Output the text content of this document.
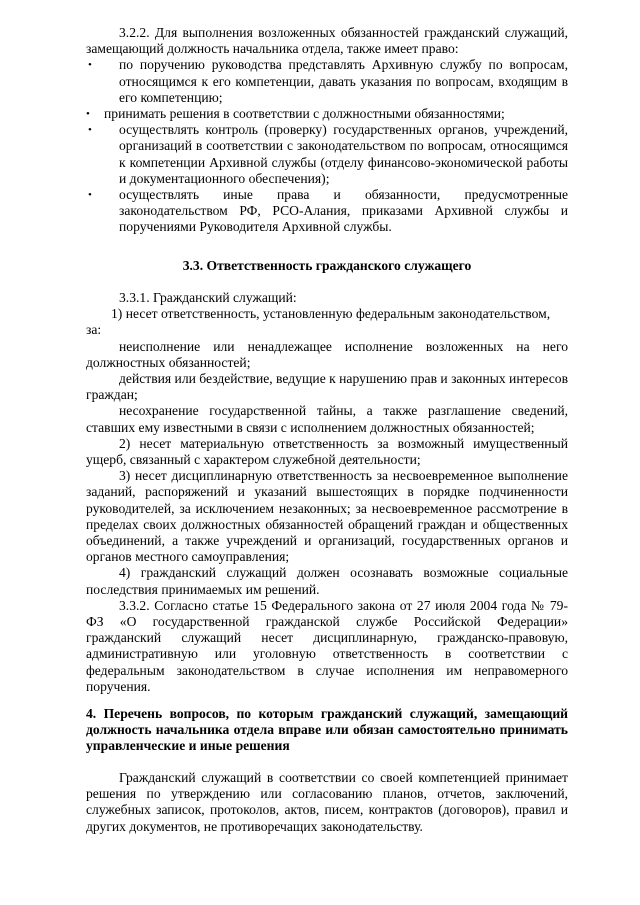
3.2.2. Для выполнения возложенных обязанностей гражданский служащий, замещающий должность начальника отдела, также имеет право:

• по поручению руководства представлять Архивную службу по вопросам, относящимся к его компетенции, давать указания по вопросам, входящим в его компетенцию;

• принимать решения в соответствии с должностными обязанностями;

• осуществлять контроль (проверку) государственных органов, учреждений, организаций в соответствии с законодательством по вопросам, относящимся к компетенции Архивной службы (отделу финансово-экономической работы и документационного обеспечения);

• осуществлять иные права и обязанности, предусмотренные законодательством РФ, РСО-Алания, приказами Архивной службы и поручениями Руководителя Архивной службы.

3.3. Ответственность гражданского служащего

3.3.1. Гражданский служащий:

1) несет ответственность, установленную федеральным законодательством,

за:

неисполнение или ненадлежащее исполнение возложенных на него должностных обязанностей;

действия или бездействие, ведущие к нарушению прав и законных интересов граждан;

несохранение государственной тайны, а также разглашение сведений, ставших ему известными в связи с исполнением должностных обязанностей;

2) несет материальную ответственность за возможный имущественный ущерб, связанный с характером служебной деятельности;

3) несет дисциплинарную ответственность за несвоевременное выполнение заданий, распоряжений и указаний вышестоящих в порядке подчиненности руководителей, за исключением незаконных; за несвоевременное рассмотрение в пределах своих должностных обязанностей обращений граждан и общественных объединений, а также учреждений и организаций, государственных органов и органов местного самоуправления;

4) гражданский служащий должен осознавать возможные социальные последствия принимаемых им решений.

3.3.2. Согласно статье 15 Федерального закона от 27 июля 2004 года № 79-ФЗ «О государственной гражданской службе Российской Федерации» гражданский служащий несет дисциплинарную, гражданско-правовую, административную или уголовную ответственность в соответствии с федеральным законодательством в случае исполнения им неправомерного поручения.

4. Перечень вопросов, по которым гражданский служащий, замещающий должность начальника отдела вправе или обязан самостоятельно принимать управленческие и иные решения

Гражданский служащий в соответствии со своей компетенцией принимает решения по утверждению или согласованию планов, отчетов, заключений, служебных записок, протоколов, актов, писем, контрактов (договоров), правил и других документов, не противоречащих законодательству.
